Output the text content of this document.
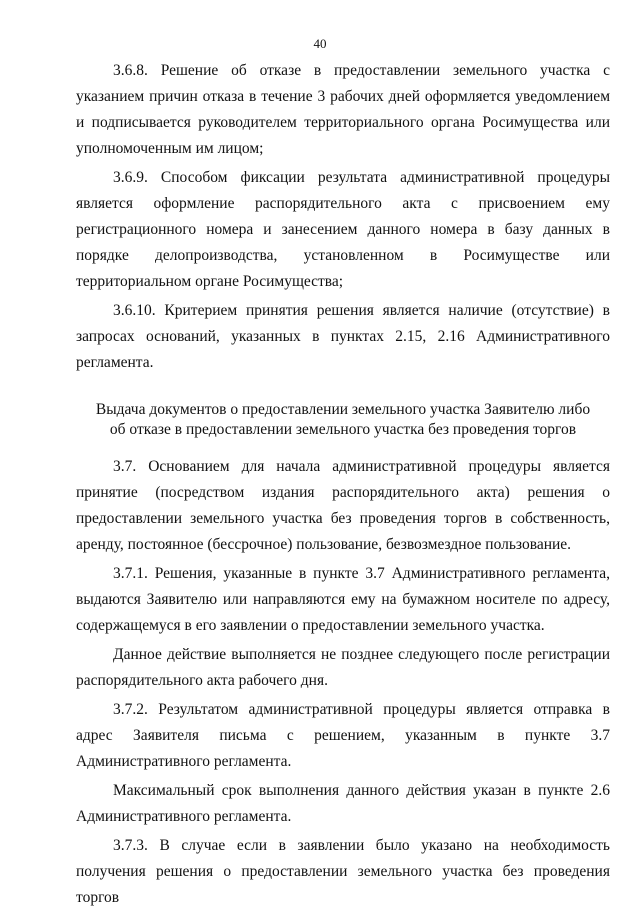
40

3.6.8. Решение об отказе в предоставлении земельного участка с указанием причин отказа в течение 3 рабочих дней оформляется уведомлением и подписывается руководителем территориального органа Росимущества или уполномоченным им лицом;

3.6.9. Способом фиксации результата административной процедуры является оформление распорядительного акта с присвоением ему регистрационного номера и занесением данного номера в базу данных в порядке делопроизводства, установленном в Росимуществе или территориальном органе Росимущества;

3.6.10. Критерием принятия решения является наличие (отсутствие) в запросах оснований, указанных в пунктах 2.15, 2.16 Административного регламента.

Выдача документов о предоставлении земельного участка Заявителю либо
об отказе в предоставлении земельного участка без проведения торгов

3.7. Основанием для начала административной процедуры является принятие (посредством издания распорядительного акта) решения о предоставлении земельного участка без проведения торгов в собственность, аренду, постоянное (бессрочное) пользование, безвозмездное пользование.

3.7.1. Решения, указанные в пункте 3.7 Административного регламента, выдаются Заявителю или направляются ему на бумажном носителе по адресу, содержащемуся в его заявлении о предоставлении земельного участка.

Данное действие выполняется не позднее следующего после регистрации распорядительного акта рабочего дня.

3.7.2. Результатом административной процедуры является отправка в адрес Заявителя письма с решением, указанным в пункте 3.7 Административного регламента.

Максимальный срок выполнения данного действия указан в пункте 2.6 Административного регламента.

3.7.3. В случае если в заявлении было указано на необходимость получения решения о предоставлении земельного участка без проведения торгов
